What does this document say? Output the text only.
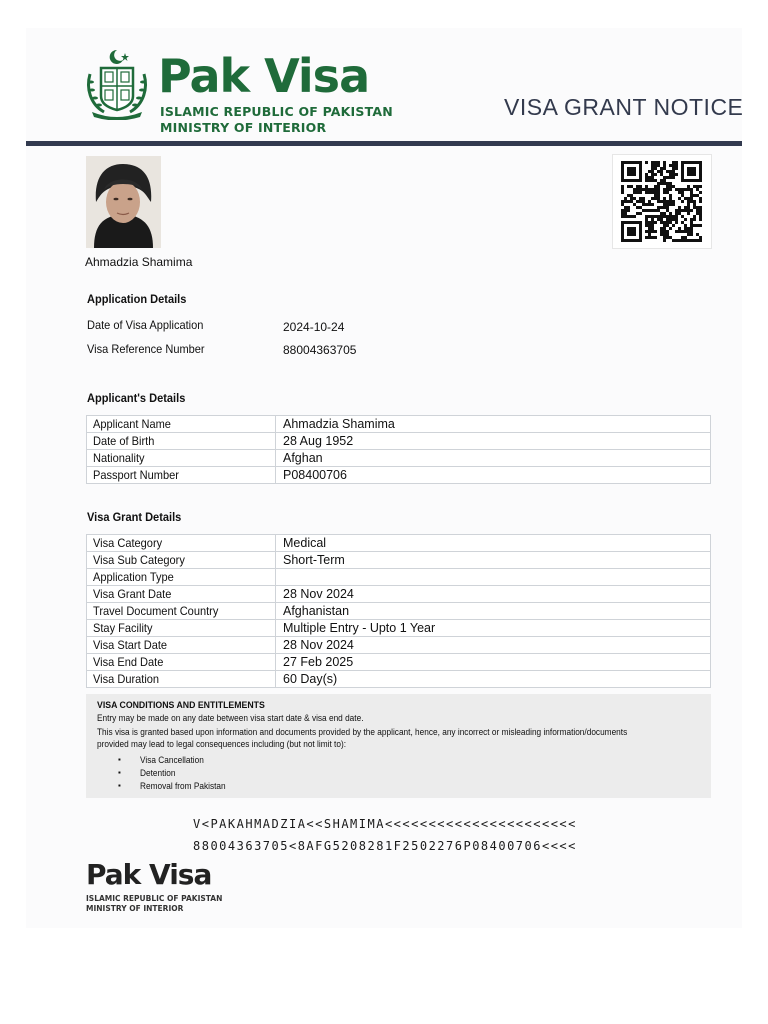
Pak Visa
ISLAMIC REPUBLIC OF PAKISTAN
MINISTRY OF INTERIOR
VISA GRANT NOTICE
Ahmadzia Shamima
Application Details
Date of Visa Application	2024-10-24
Visa Reference Number	88004363705
Applicant's Details
Applicant Name	Ahmadzia Shamima
Date of Birth	28 Aug 1952
Nationality	Afghan
Passport Number	P08400706
Visa Grant Details
Visa Category	Medical
Visa Sub Category	Short-Term
Application Type	
Visa Grant Date	28 Nov 2024
Travel Document Country	Afghanistan
Stay Facility	Multiple Entry - Upto 1 Year
Visa Start Date	28 Nov 2024
Visa End Date	27 Feb 2025
Visa Duration	60 Day(s)
VISA CONDITIONS AND ENTITLEMENTS
Entry may be made on any date between visa start date & visa end date.
This visa is granted based upon information and documents provided by the applicant, hence, any incorrect or misleading information/documents
provided may lead to legal consequences including (but not limit to):
Visa Cancellation
Detention
Removal from Pakistan
V<PAKAHMADZIA<<SHAMIMA<<<<<<<<<<<<<<<<<<<<<<
88004363705<8AFG5208281F2502276P08400706<<<<
Pak Visa
ISLAMIC REPUBLIC OF PAKISTAN
MINISTRY OF INTERIOR
